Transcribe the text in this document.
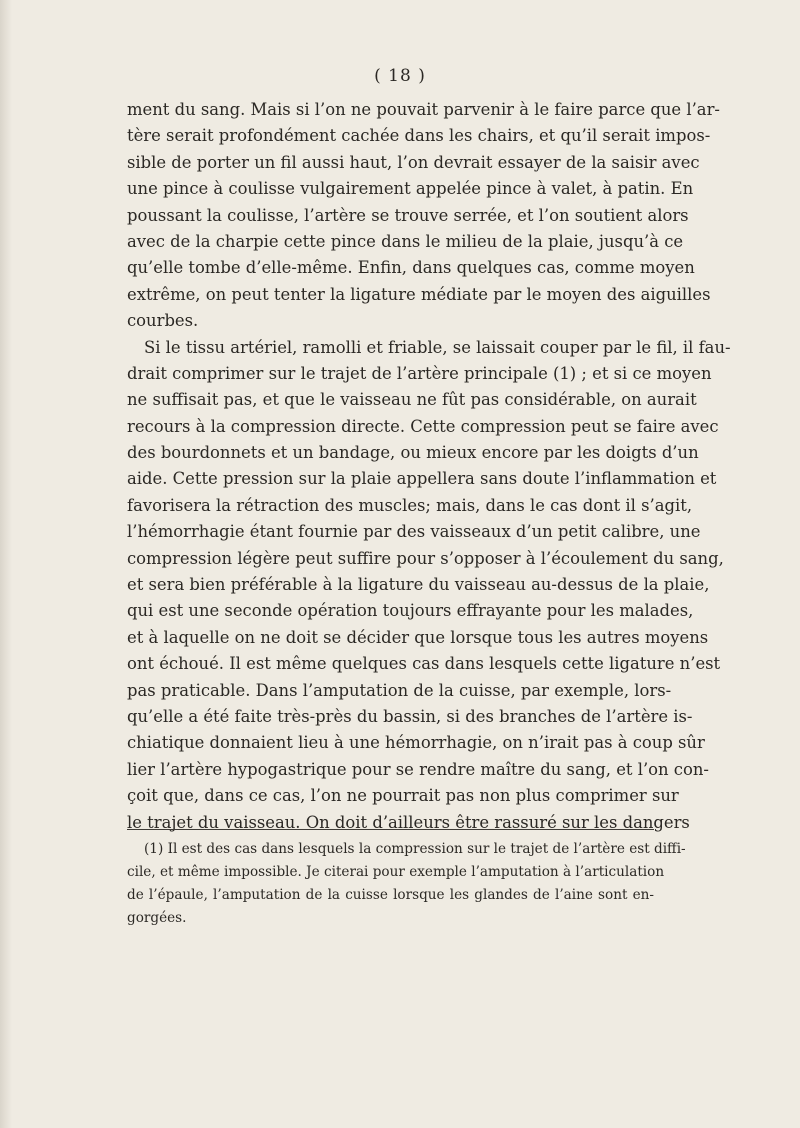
( 18 )
ment du sang. Mais si l’on ne pouvait parvenir à le faire parce que l’ar-
tère serait profondément cachée dans les chairs, et qu’il serait impos-
sible de porter un fil aussi haut, l’on devrait essayer de la saisir avec
une pince à coulisse vulgairement appelée pince à valet, à patin. En
poussant la coulisse, l’artère se trouve serrée, et l’on soutient alors
avec de la charpie cette pince dans le milieu de la plaie, jusqu’à ce
qu’elle tombe d’elle-même. Enfin, dans quelques cas, comme moyen
extrême, on peut tenter la ligature médiate par le moyen des aiguilles
courbes.
Si le tissu artériel, ramolli et friable, se laissait couper par le fil, il fau-
drait comprimer sur le trajet de l’artère principale (1) ; et si ce moyen
ne suffisait pas, et que le vaisseau ne fût pas considérable, on aurait
recours à la compression directe. Cette compression peut se faire avec
des bourdonnets et un bandage, ou mieux encore par les doigts d’un
aide. Cette pression sur la plaie appellera sans doute l’inflammation et
favorisera la rétraction des muscles; mais, dans le cas dont il s’agit,
l’hémorrhagie étant fournie par des vaisseaux d’un petit calibre, une
compression légère peut suffire pour s’opposer à l’écoulement du sang,
et sera bien préférable à la ligature du vaisseau au-dessus de la plaie,
qui est une seconde opération toujours effrayante pour les malades,
et à laquelle on ne doit se décider que lorsque tous les autres moyens
ont échoué. Il est même quelques cas dans lesquels cette ligature n’est
pas praticable. Dans l’amputation de la cuisse, par exemple, lors-
qu’elle a été faite très-près du bassin, si des branches de l’artère is-
chiatique donnaient lieu à une hémorrhagie, on n’irait pas à coup sûr
lier l’artère hypogastrique pour se rendre maître du sang, et l’on con-
çoit que, dans ce cas, l’on ne pourrait pas non plus comprimer sur
le trajet du vaisseau. On doit d’ailleurs être rassuré sur les dangers
(1) Il est des cas dans lesquels la compression sur le trajet de l’artère est diffi-
cile, et même impossible. Je citerai pour exemple l’amputation à l’articulation
de l’épaule, l’amputation de la cuisse lorsque les glandes de l’aine sont en-
gorgées.
